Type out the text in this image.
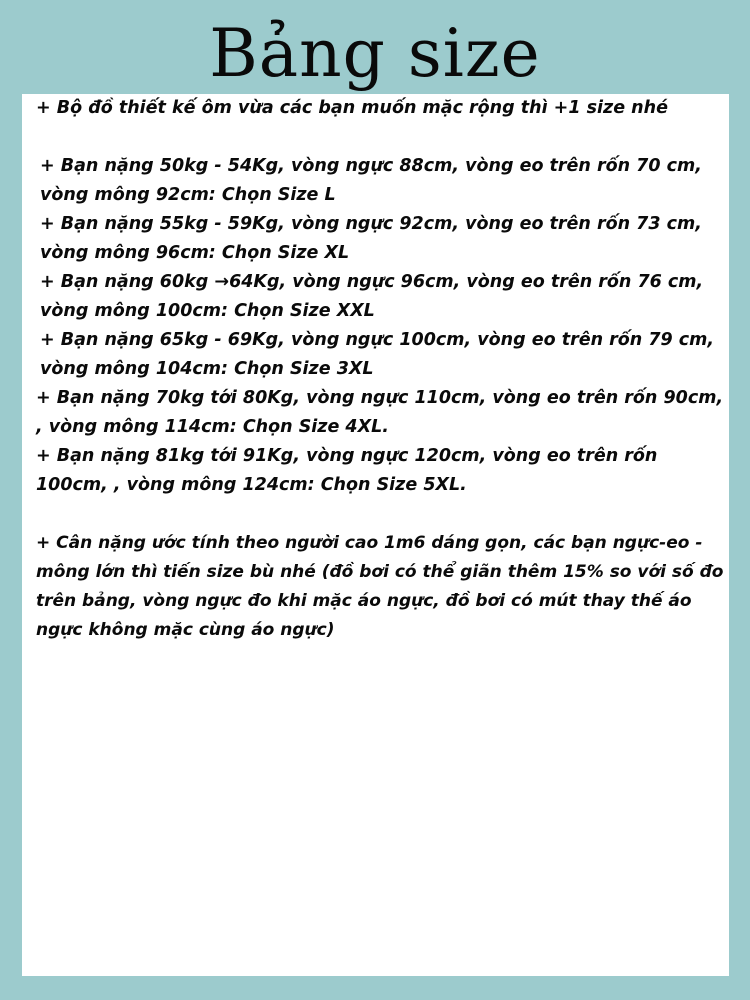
Bảng size

+ Bộ đồ thiết kế ôm vừa các bạn muốn mặc rộng thì +1 size nhé

+ Bạn nặng 50kg - 54Kg, vòng ngực 88cm, vòng eo trên rốn 70 cm, vòng mông 92cm: Chọn Size L

+ Bạn nặng 55kg - 59Kg, vòng ngực 92cm, vòng eo trên rốn 73 cm, vòng mông 96cm: Chọn Size XL

+ Bạn nặng 60kg →64Kg, vòng ngực 96cm, vòng eo trên rốn 76 cm, vòng mông 100cm: Chọn Size XXL

+ Bạn nặng 65kg - 69Kg, vòng ngực 100cm, vòng eo trên rốn 79 cm, vòng mông 104cm: Chọn Size 3XL

+ Bạn nặng 70kg tới 80Kg, vòng ngực 110cm, vòng eo trên rốn 90cm, , vòng mông 114cm: Chọn Size 4XL.

+ Bạn nặng 81kg tới 91Kg, vòng ngực 120cm, vòng eo trên rốn 100cm, , vòng mông 124cm: Chọn Size 5XL.

+ Cân nặng ước tính theo người cao 1m6 dáng gọn, các bạn ngực-eo - mông lớn thì tiến size bù nhé (đồ bơi có thể giãn thêm 15% so với số đo trên bảng, vòng ngực đo khi mặc áo ngực, đồ bơi có mút thay thế áo ngực không mặc cùng áo ngực)
